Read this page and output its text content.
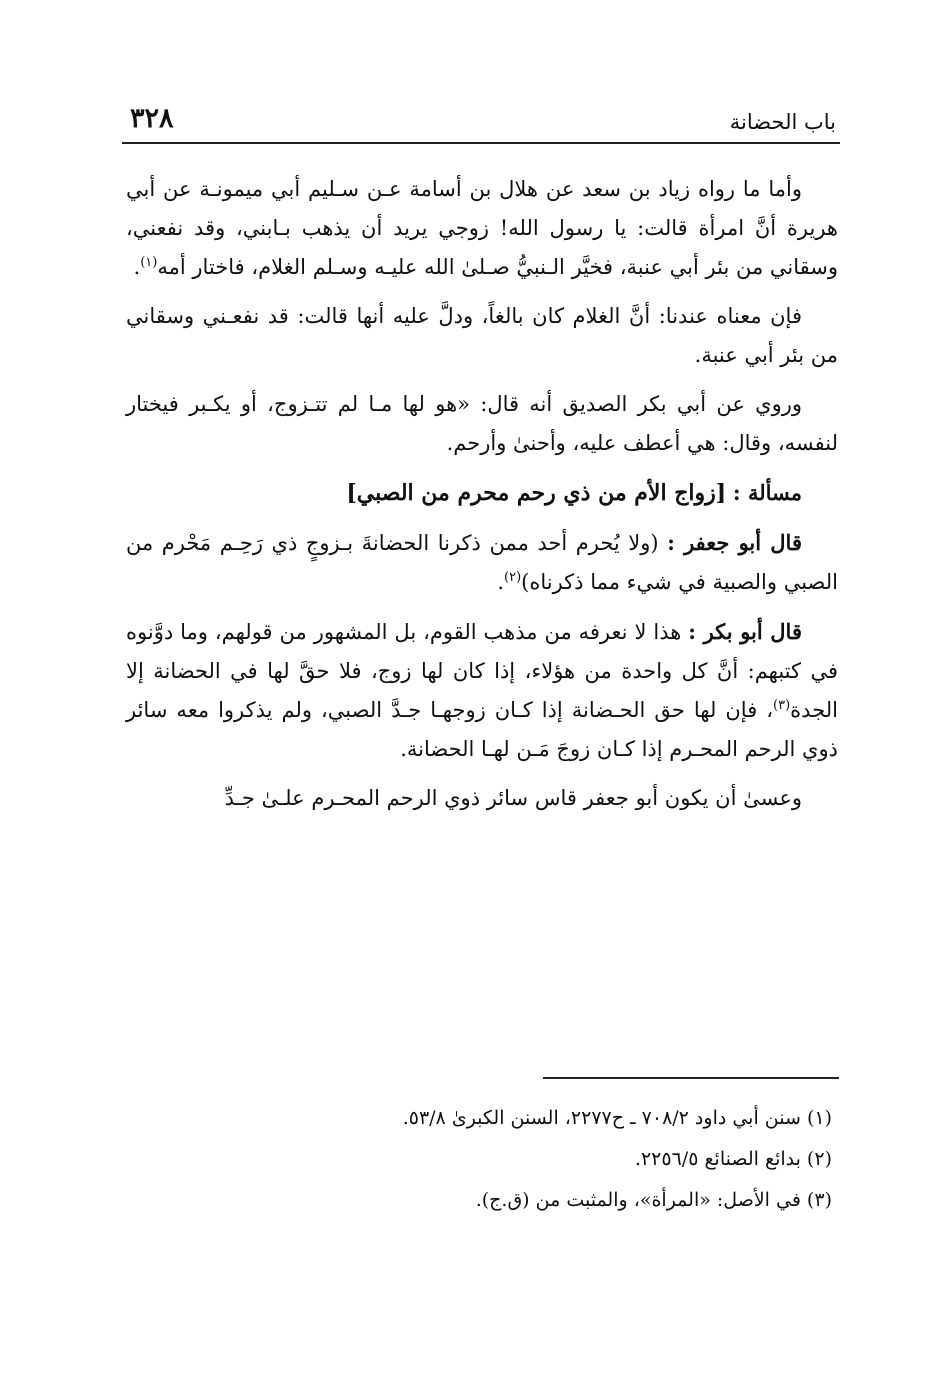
٣٢٨	باب الحضانة

وأما ما رواه زياد بن سعد عن هلال بن أسامة عـن سـليم أبي ميمونـة عن أبي هريرة أنَّ امرأة قالت: يا رسول الله! زوجي يريد أن يذهب بـابني، وقد نفعني، وسقاني من بئر أبي عنبة، فخيَّر الـنبيُّ صـلىٰ الله عليـه وسـلم الغلام، فاختار أمه$^{(١)}$.

فإن معناه عندنا: أنَّ الغلام كان بالغاً، ودلَّ عليه أنها قالت: قد نفعـني وسقاني من بئر أبي عنبة.

وروي عن أبي بكر الصديق أنه قال: «هو لها مـا لم تتـزوج، أو يكـبر فيختار لنفسه، وقال: هي أعطف عليه، وأحنىٰ وأرحم.

مسألة : [زواج الأم من ذي رحم محرم من الصبي]

قال أبو جعفر : (ولا يُحرم أحد ممن ذكرنا الحضانةَ بـزوجٍ ذي رَحِـم مَحْرم من الصبي والصبية في شيء مما ذكرناه)$^{(٢)}$.

قال أبو بكر : هذا لا نعرفه من مذهب القوم، بل المشهور من قولهم، وما دوَّنوه في كتبهم: أنَّ كل واحدة من هؤلاء، إذا كان لها زوج، فلا حقَّ لها في الحضانة إلا الجدة$^{(٣)}$، فإن لها حق الحـضانة إذا كـان زوجهـا جـدَّ الصبي، ولم يذكروا معه سائر ذوي الرحم المحـرم إذا كـان زوجَ مَـن لهـا الحضانة.

وعسىٰ أن يكون أبو جعفر قاس سائر ذوي الرحم المحـرم علـىٰ جـدِّ

(١) سنن أبي داود ٧٠٨/٢ ـ ح٢٢٧٧، السنن الكبرىٰ ٥٣/٨.

(٢) بدائع الصنائع ٢٢٥٦/٥.

(٣) في الأصل: «المرأة»، والمثبت من (ق.ج).
